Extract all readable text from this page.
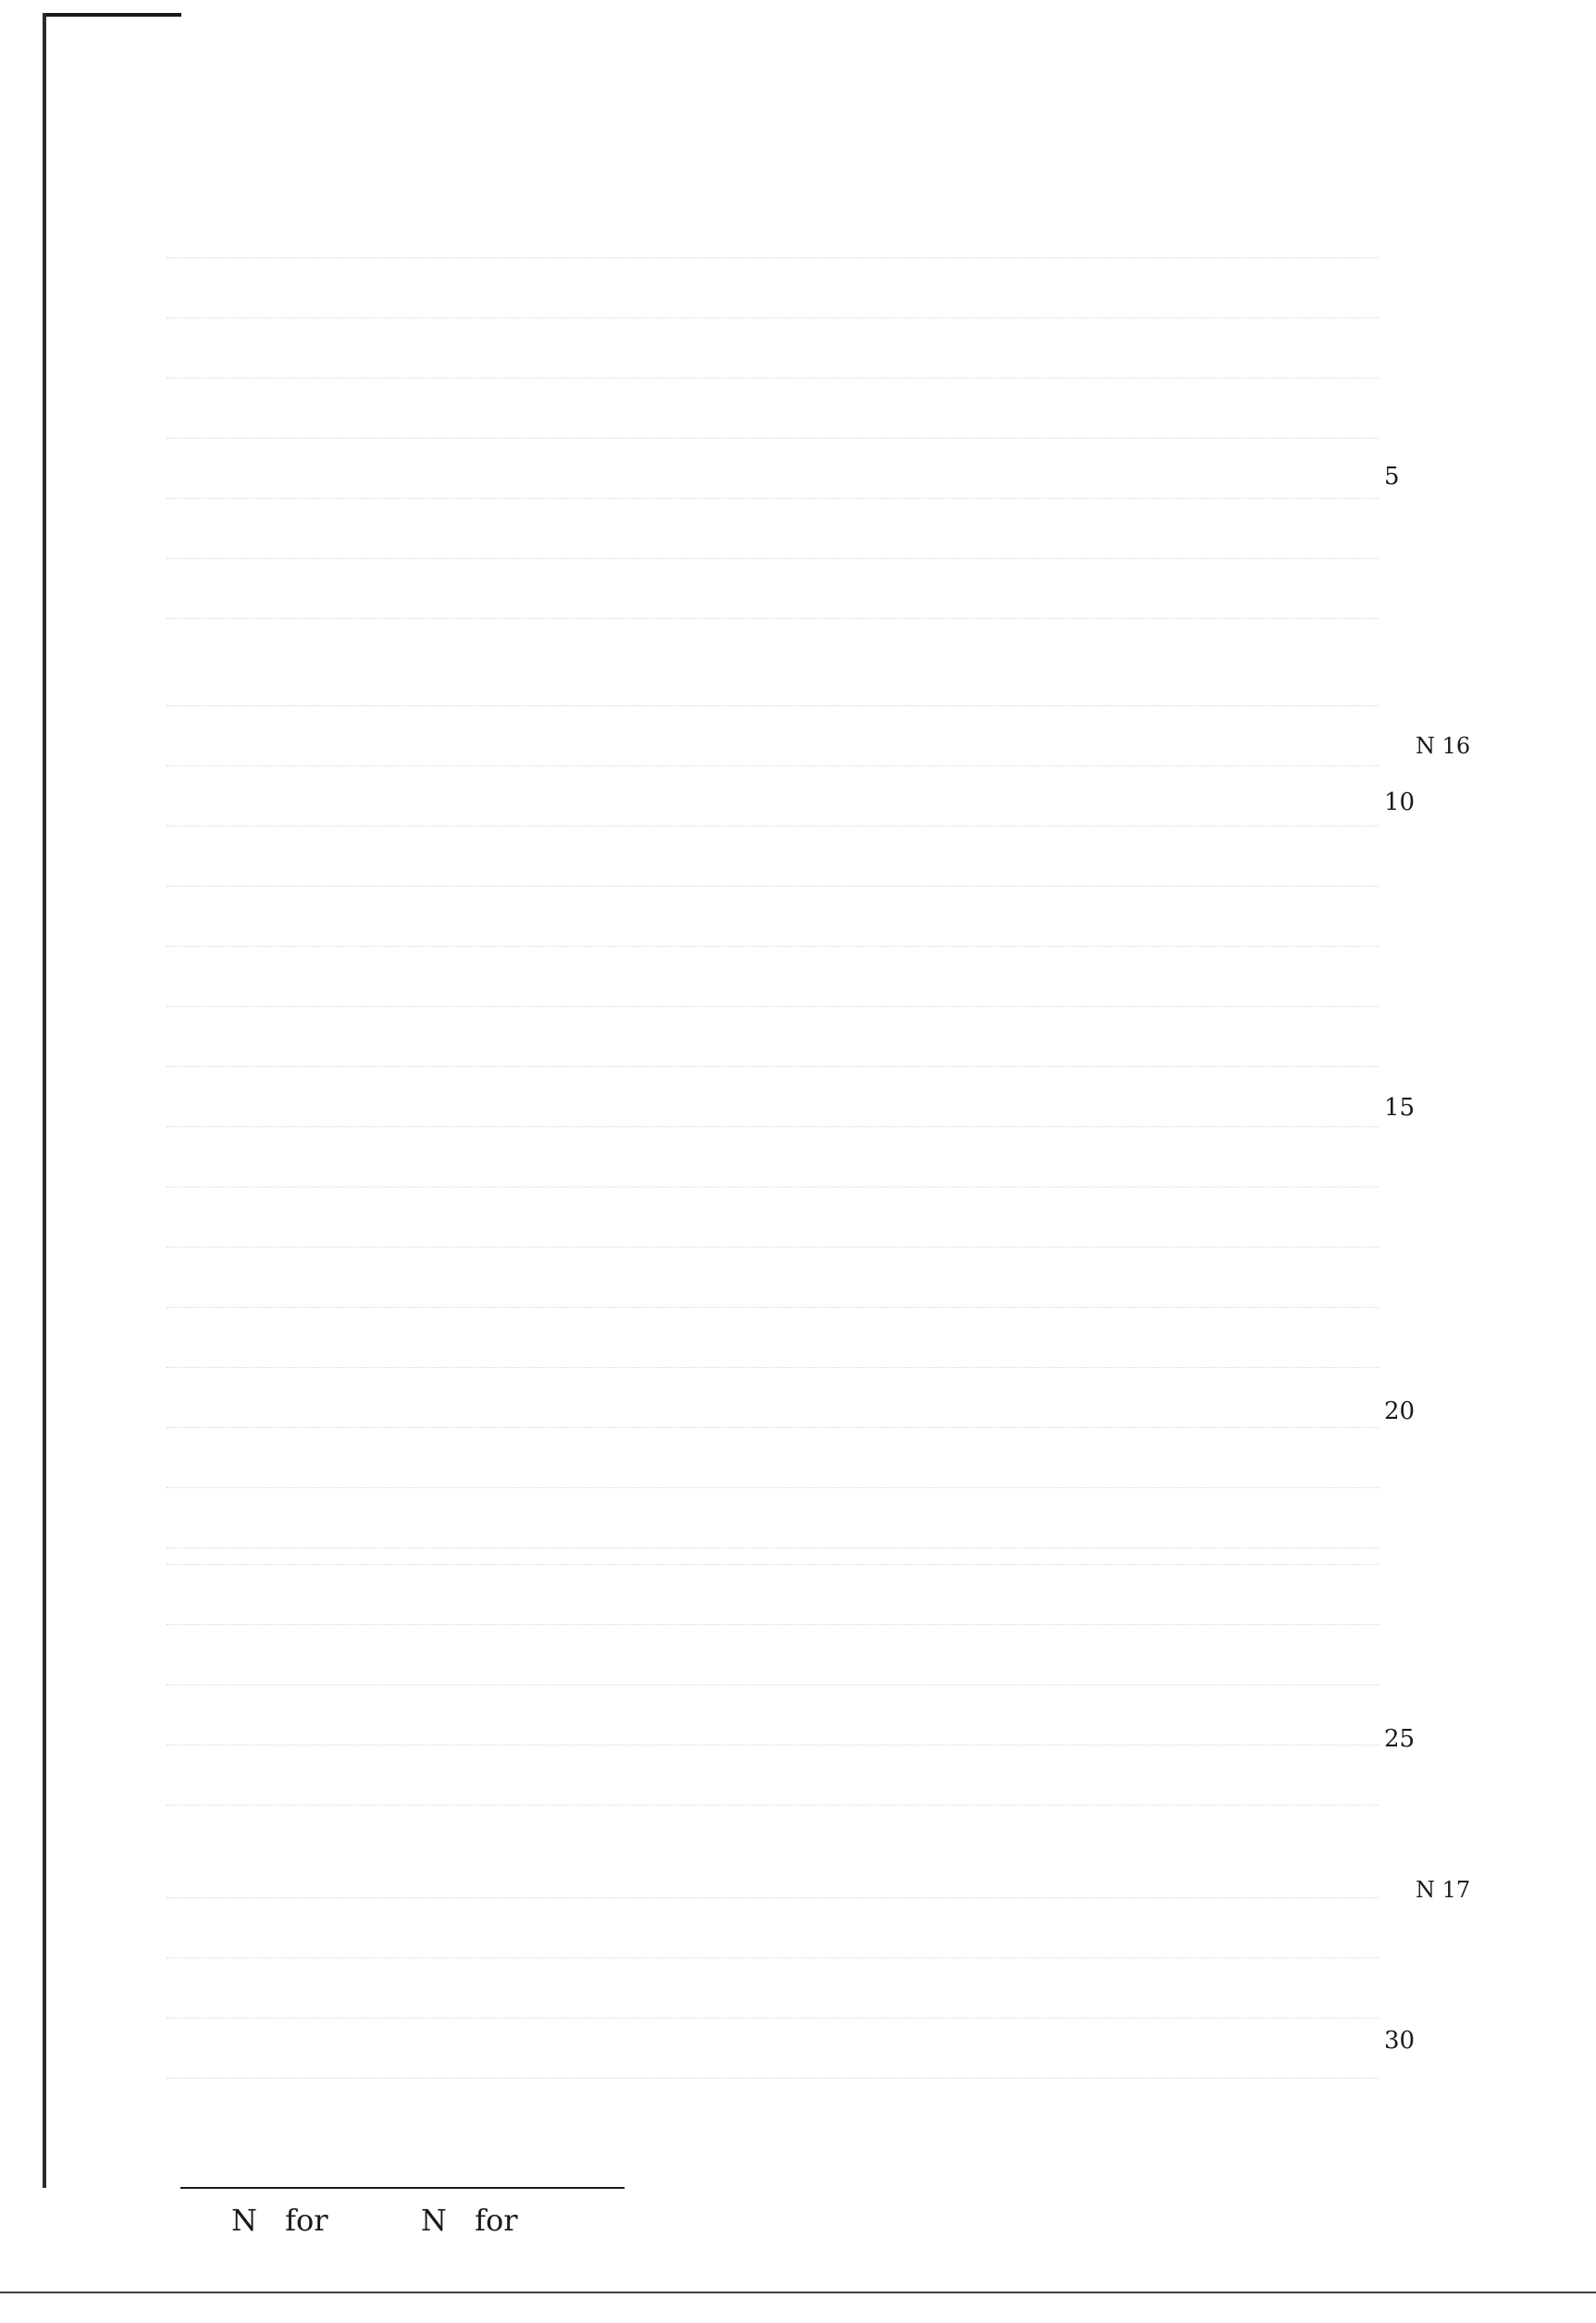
5
10
15
20
25
30
N 16
N 17
N for	N for
